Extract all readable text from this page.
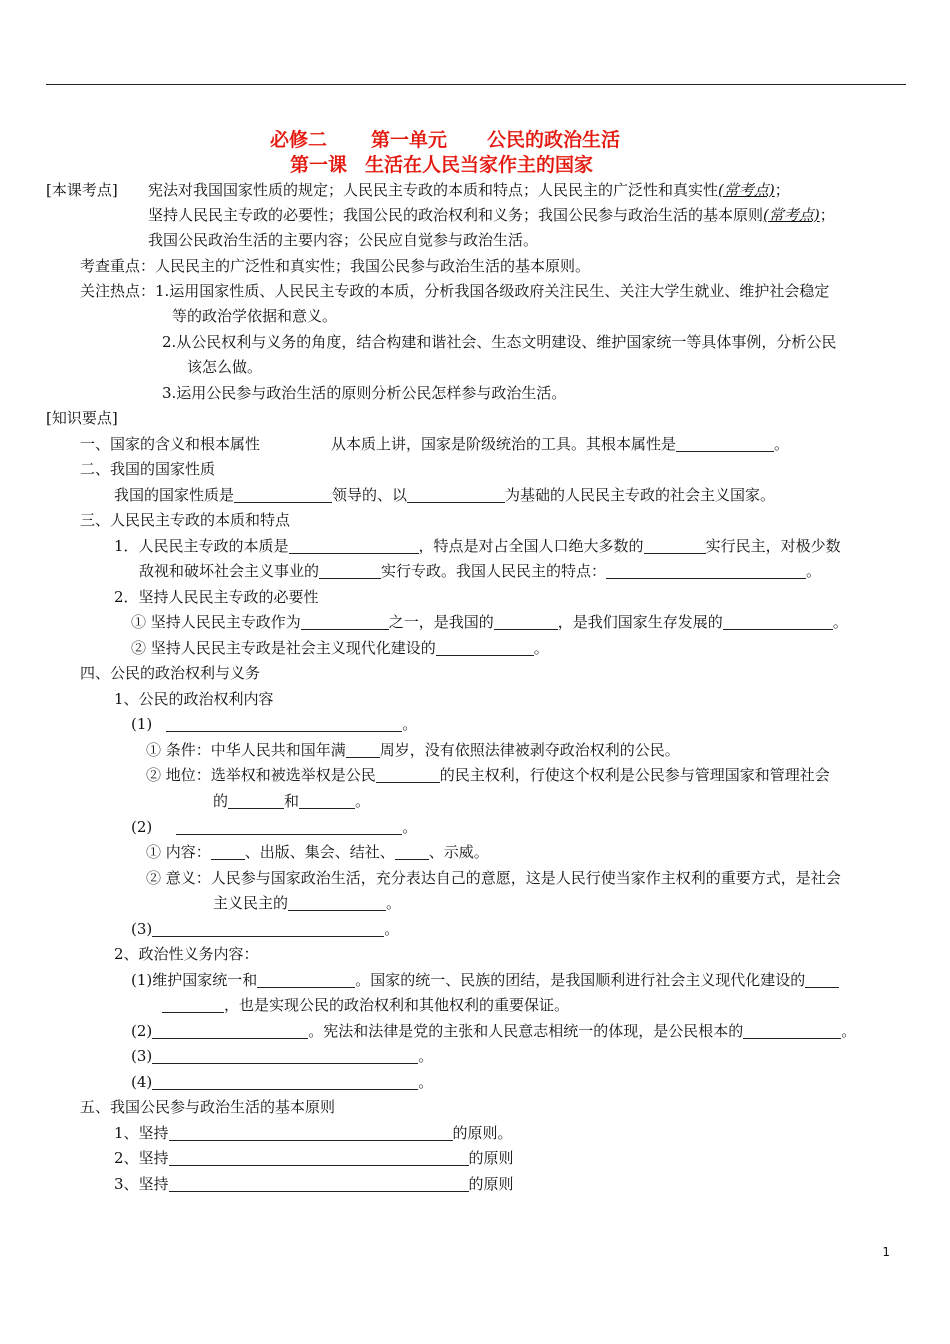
必修二 第一单元 公民的政治生活
第一课 生活在人民当家作主的国家
[本课考点] 宪法对我国国家性质的规定；人民民主专政的本质和特点；人民民主的广泛性和真实性(常考点)；
坚持人民民主专政的必要性；我国公民的政治权利和义务；我国公民参与政治生活的基本原则(常考点)；
我国公民政治生活的主要内容；公民应自觉参与政治生活。
考查重点：人民民主的广泛性和真实性；我国公民参与政治生活的基本原则。
关注热点：1.运用国家性质、人民民主专政的本质，分析我国各级政府关注民生、关注大学生就业、维护社会稳定
等的政治学依据和意义。
2.从公民权利与义务的角度，结合构建和谐社会、生态文明建设、维护国家统一等具体事例，分析公民
该怎么做。
3.运用公民参与政治生活的原则分析公民怎样参与政治生活。
[知识要点]
一、国家的含义和根本属性	从本质上讲，国家是阶级统治的工具。其根本属性是	。
二、我国的国家性质
我国的国家性质是	领导的、以	为基础的人民民主专政的社会主义国家。
三、人民民主专政的本质和特点
1．人民民主专政的本质是	，特点是对占全国人口绝大多数的	实行民主，对极少数
敌视和破坏社会主义事业的	实行专政。我国人民民主的特点：	。
2．坚持人民民主专政的必要性
① 坚持人民民主专政作为	之一，是我国的	，是我们国家生存发展的	。
② 坚持人民民主专政是社会主义现代化建设的	。
四、公民的政治权利与义务
1、公民的政治权利内容
(1)	。
① 条件：中华人民共和国年满 周岁，没有依照法律被剥夺政治权利的公民。
② 地位：选举权和被选举权是公民	的民主权利，行使这个权利是公民参与管理国家和管理社会
的	和	。
(2)	。
① 内容： 、出版、集会、结社、 、示威。
② 意义：人民参与国家政治生活，充分表达自己的意愿，这是人民行使当家作主权利的重要方式，是社会
主义民主的	。
(3)	。
2、政治性义务内容：
(1)维护国家统一和	。国家的统一、民族的团结，是我国顺利进行社会主义现代化建设的
，也是实现公民的政治权利和其他权利的重要保证。
(2)	。宪法和法律是党的主张和人民意志相统一的体现，是公民根本的	。
(3)	。
(4)	。
五、我国公民参与政治生活的基本原则
1、坚持	的原则。
2、坚持	的原则
3、坚持	的原则
1
